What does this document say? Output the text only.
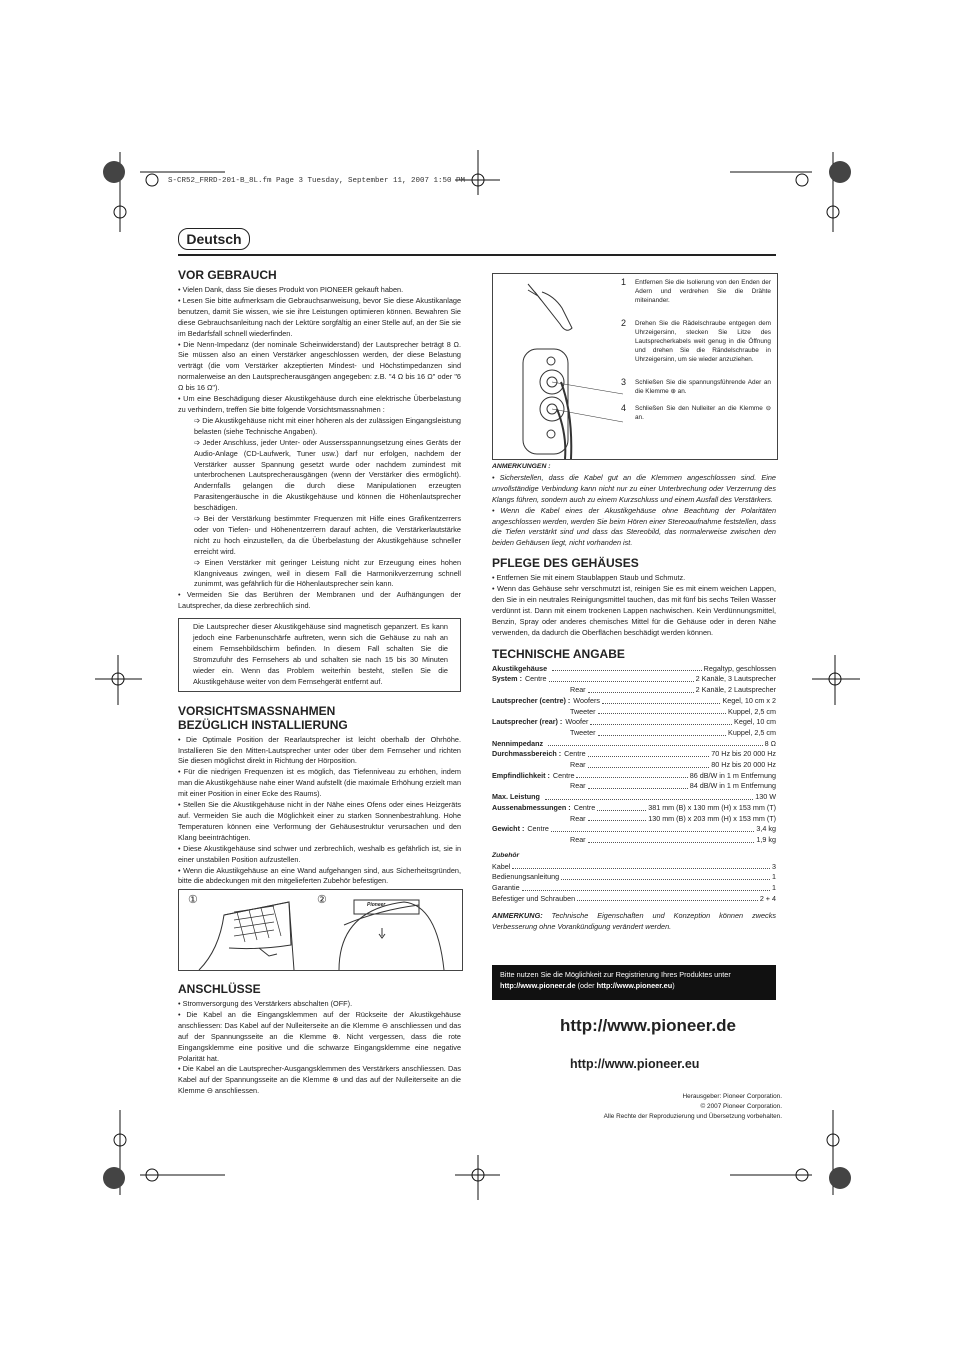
S-CR52_FRRD-201-B_8L.fm Page 3 Tuesday, September 11, 2007 1:50 PM
Deutsch
VOR GEBRAUCH

• Vielen Dank, dass Sie dieses Produkt von PIONEER gekauft haben.

• Lesen Sie bitte aufmerksam die Gebrauchsanweisung, bevor Sie diese Akustikanlage benutzen, damit Sie wissen, wie sie ihre Leistungen optimieren können. Bewahren Sie diese Gebrauchsanleitung nach der Lektüre sorgfältig an einer Stelle auf, an der Sie sie im Bedarfsfall schnell wiederfinden.

• Die Nenn-Impedanz (der nominale Scheinwiderstand) der Lautsprecher beträgt 8 Ω. Sie müssen also an einen Verstärker angeschlossen werden, der diese Belastung verträgt (die vom Verstärker akzeptierten Mindest- und Höchstimpedanzen sind normalerweise an den Lautsprecherausgängen angegeben: z.B. "4 Ω bis 16 Ω" oder "6 Ω bis 16 Ω").

• Um eine Beschädigung dieser Akustikgehäuse durch eine elektrische Überbelastung zu verhindern, treffen Sie bitte folgende Vorsichtsmassnahmen :

➩ Die Akustikgehäuse nicht mit einer höheren als der zulässigen Eingangsleistung belasten (siehe Technische Angaben).

➩ Jeder Anschluss, jeder Unter- oder Aussersspannungsetzung eines Geräts der Audio-Anlage (CD-Laufwerk, Tuner usw.) darf nur erfolgen, nachdem der Verstärker ausser Spannung gesetzt wurde oder nachdem zumindest mit unterbrochenen Lautsprecherausgängen (wenn der Verstärker dies ermöglicht). Andernfalls gelangen die durch diese Manipulationen erzeugten Parasitengeräusche in die Akustikgehäuse und können die Höhenlautsprecher beschädigen.

➩ Bei der Verstärkung bestimmter Frequenzen mit Hilfe eines Grafikentzerrers oder von Tiefen- und Höhenentzerrern darauf achten, die Verstärkerlautstärke nicht zu hoch einzustellen, da die Überbelastung der Akustikgehäuse schneller erreicht wird.

➩ Einen Verstärker mit geringer Leistung nicht zur Erzeugung eines hohen Klangniveaus zwingen, weil in diesem Fall die Harmonikverzerrung schnell zunimmt, was gefährlich für die Höhenlautsprecher sein kann.

• Vermeiden Sie das Berühren der Membranen und der Aufhängungen der Lautsprecher, da diese zerbrechlich sind.

Die Lautsprecher dieser Akustikgehäuse sind magnetisch gepanzert. Es kann jedoch eine Farbenunschärfe auftreten, wenn sich die Gehäuse zu nah an einem Fernsehbildschirm befinden. In diesem Fall schalten Sie die Stromzufuhr des Fernsehers ab und schalten sie nach 15 bis 30 Minuten wieder ein. Wenn das Problem weiterhin besteht, stellen Sie die Akustikgehäuse weiter von dem Fernsehgerät entfernt auf.

VORSICHTSMASSNAHMEN
BEZÜGLICH INSTALLIERUNG

• Die Optimale Position der Rearlautsprecher ist leicht oberhalb der Ohrhöhe. Installieren Sie den Mitten-Lautsprecher unter oder über dem Fernseher und richten Sie diesen möglichst direkt in Richtung der Hörposition.

• Für die niedrigen Frequenzen ist es möglich, das Tiefenniveau zu erhöhen, indem man die Akustikgehäuse nahe einer Wand aufstellt (die maximale Erhöhung erzielt man mit einer Position in einer Ecke des Raums).

• Stellen Sie die Akustikgehäuse nicht in der Nähe eines Ofens oder eines Heizgeräts auf. Vermeiden Sie auch die Möglichkeit einer zu starken Sonnenbestrahlung. Hohe Temperaturen können eine Verformung der Gehäusestruktur verursachen und den Klang beeinträchtigen.

• Diese Akustikgehäuse sind schwer und zerbrechlich, weshalb es gefährlich ist, sie in einer unstabilen Position aufzustellen.

• Wenn die Akustikgehäuse an eine Wand aufgehangen sind, aus Sicherheitsgründen, bitte die abdeckungen mit den mitgelieferten Zubehör befestigen.

①	②	Pioneer
ANSCHLÜSSE

• Stromversorgung des Verstärkers abschalten (OFF).

• Die Kabel an die Eingangsklemmen auf der Rückseite der Akustikgehäuse anschliessen: Das Kabel auf der Nulleiterseite an die Klemme ⊖ anschliessen und das auf der Spannungsseite an die Klemme ⊕. Nicht vergessen, dass die rote Eingangsklemme eine positive und die schwarze Eingangsklemme eine negative Polarität hat.

• Die Kabel an die Lautsprecher-Ausgangsklemmen des Verstärkers anschliessen. Das Kabel auf der Spannungsseite an die Klemme ⊕ und das auf der Nulleiterseite an die Klemme ⊖ anschliessen.

1	Entfernen Sie die Isolierung von den Enden der Adern und verdrehen Sie die Drähte miteinander.
2	Drehen Sie die Rädelschraube entgegen dem Uhrzeigersinn, stecken Sie Litze des Lautsprecherkabels weit genug in die Öffnung und drehen Sie die Rändelschraube in Uhrzeigersinn, um sie wieder anzuziehen.
3	Schließen Sie die spannungsführende Ader an die Klemme ⊕ an.
4	Schließen Sie den Nulleiter an die Klemme ⊖ an.

ANMERKUNGEN :

• Sicherstellen, dass die Kabel gut an die Klemmen angeschlossen sind. Eine unvollständige Verbindung kann nicht nur zu einer Unterbrechung oder Verzerrung des Klangs führen, sondern auch zu einem Kurzschluss und einem Ausfall des Verstärkers.

• Wenn die Kabel eines der Akustikgehäuse ohne Beachtung der Polaritäten angeschlossen werden, werden Sie beim Hören einer Stereoaufnahme feststellen, dass die Tiefen verstärkt sind und dass das Stereobild, das normalerweise zwischen den beiden Gehäusen liegt, nicht vorhanden ist.

PFLEGE DES GEHÄUSES

• Entfernen Sie mit einem Staublappen Staub und Schmutz.

• Wenn das Gehäuse sehr verschmutzt ist, reinigen Sie es mit einem weichen Lappen, den Sie in ein neutrales Reinigungsmittel tauchen, das mit fünf bis sechs Teilen Wasser verdünnt ist. Dann mit einem trockenen Lappen nachwischen. Kein Verdünnungsmittel, Benzin, Spray oder anderes chemisches Mittel für die Gehäuse oder in deren Nähe verwenden, da dadurch die Oberflächen beschädigt werden können.

TECHNISCHE ANGABE
Akustikgehäuse	Regaltyp, geschlossen
System : Centre	2 Kanäle, 3 Lautsprecher
Rear	2 Kanäle, 2 Lautsprecher
Lautsprecher (centre) : Woofers	Kegel, 10 cm x 2
Tweeter	Kuppel, 2,5 cm
Lautsprecher (rear) : Woofer	Kegel, 10 cm
Tweeter	Kuppel, 2,5 cm
Nennimpedanz	8 Ω
Durchmassbereich : Centre	70 Hz bis 20 000 Hz
Rear	80 Hz bis 20 000 Hz
Empfindlichkeit : Centre	86 dB/W in 1 m Entfernung
Rear	84 dB/W in 1 m Entfernung
Max. Leistung	130 W
Aussenabmessungen : Centre	381 mm (B) x 130 mm (H) x 153 mm (T)
Rear	130 mm (B) x 203 mm (H) x 153 mm (T)
Gewicht : Centre	3,4 kg
Rear	1,9 kg

Zubehör

Kabel	3
Bedienungsanleitung	1
Garantie	1
Befestiger und Schrauben	2 + 4

ANMERKUNG: Technische Eigenschaften und Konzeption können zwecks Verbesserung ohne Vorankündigung verändert werden.

Bitte nutzen Sie die Möglichkeit zur Registrierung Ihres Produktes unter
http://www.pioneer.de (oder http://www.pioneer.eu)
http://www.pioneer.de
http://www.pioneer.eu
Herausgeber: Pioneer Corporation.
© 2007 Pioneer Corporation.
Alle Rechte der Reproduzierung und Übersetzung vorbehalten.
